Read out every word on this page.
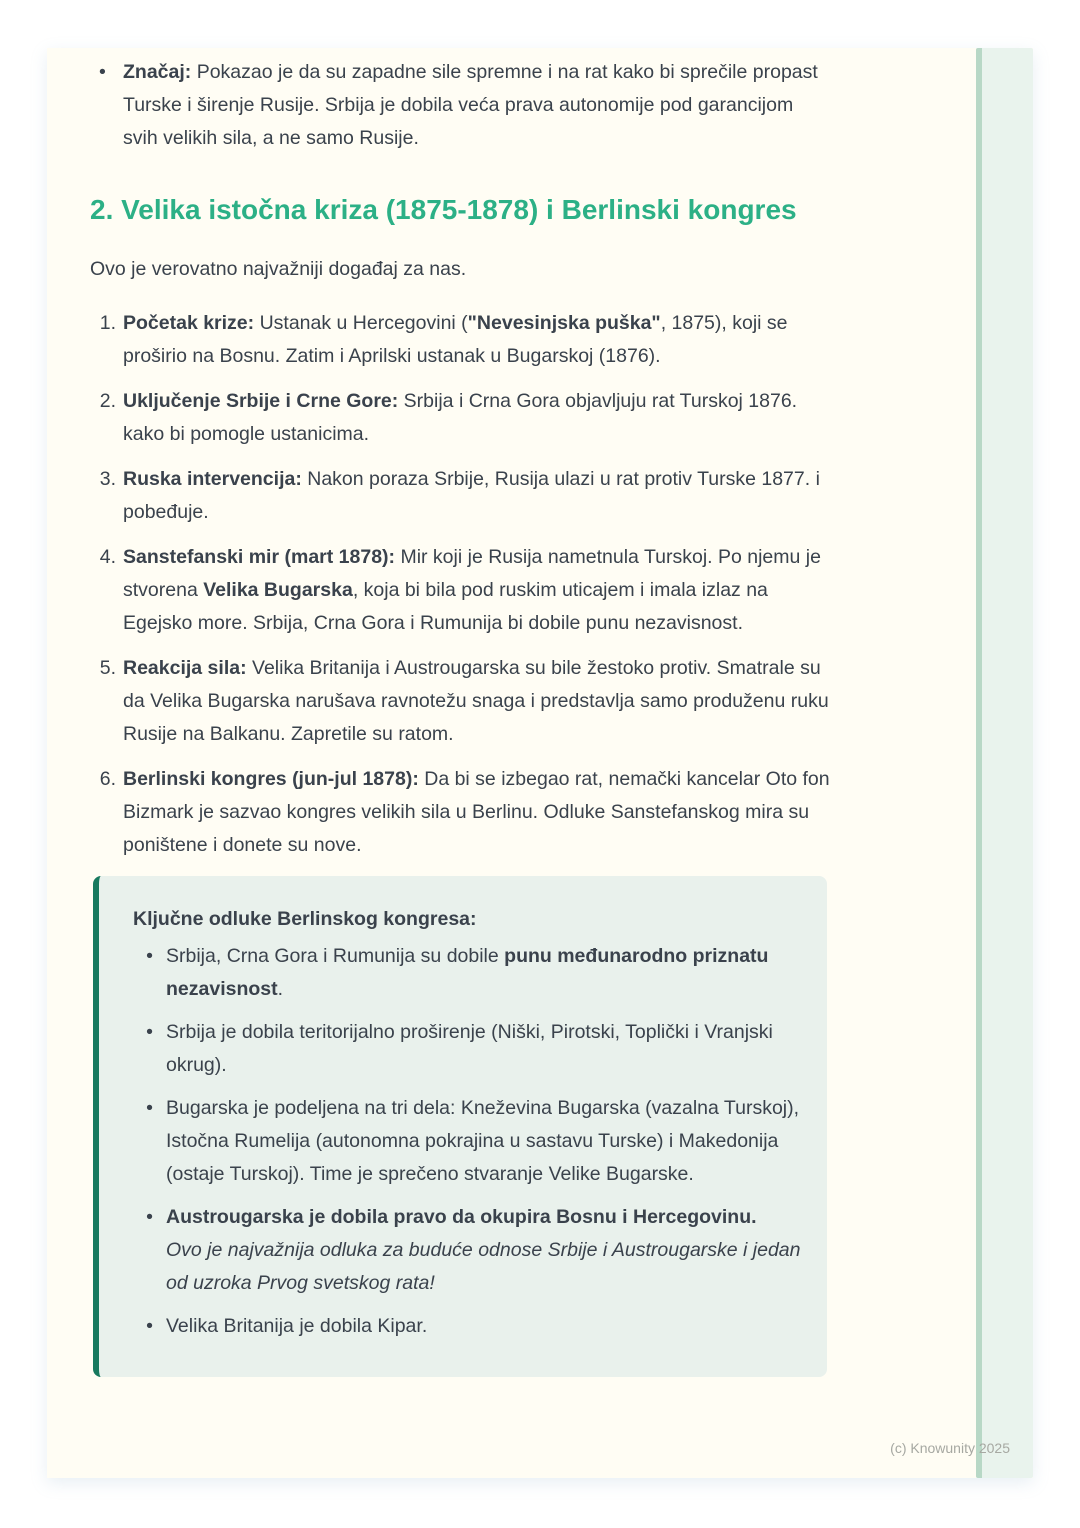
• Značaj: Pokazao je da su zapadne sile spremne i na rat kako bi sprečile propast Turske i širenje Rusije. Srbija je dobila veća prava autonomije pod garancijom svih velikih sila, a ne samo Rusije.
2. Velika istočna kriza (1875-1878) i Berlinski kongres

Ovo je verovatno najvažniji događaj za nas.

1. Početak krize: Ustanak u Hercegovini ("Nevesinjska puška", 1875), koji se proširio na Bosnu. Zatim i Aprilski ustanak u Bugarskoj (1876).
2. Uključenje Srbije i Crne Gore: Srbija i Crna Gora objavljuju rat Turskoj 1876. kako bi pomogle ustanicima.
3. Ruska intervencija: Nakon poraza Srbije, Rusija ulazi u rat protiv Turske 1877. i pobeđuje.
4. Sanstefanski mir (mart 1878): Mir koji je Rusija nametnula Turskoj. Po njemu je stvorena Velika Bugarska, koja bi bila pod ruskim uticajem i imala izlaz na Egejsko more. Srbija, Crna Gora i Rumunija bi dobile punu nezavisnost.
5. Reakcija sila: Velika Britanija i Austrougarska su bile žestoko protiv. Smatrale su da Velika Bugarska narušava ravnotežu snaga i predstavlja samo produženu ruku Rusije na Balkanu. Zapretile su ratom.
6. Berlinski kongres (jun-jul 1878): Da bi se izbegao rat, nemački kancelar Oto fon Bizmark je sazvao kongres velikih sila u Berlinu. Odluke Sanstefanskog mira su poništene i donete su nove.

Ključne odluke Berlinskog kongresa:

• Srbija, Crna Gora i Rumunija su dobile punu međunarodno priznatu nezavisnost.
• Srbija je dobila teritorijalno proširenje (Niški, Pirotski, Toplički i Vranjski okrug).
• Bugarska je podeljena na tri dela: Kneževina Bugarska (vazalna Turskoj), Istočna Rumelija (autonomna pokrajina u sastavu Turske) i Makedonija (ostaje Turskoj). Time je sprečeno stvaranje Velike Bugarske.
• Austrougarska je dobila pravo da okupira Bosnu i Hercegovinu.
Ovo je najvažnija odluka za buduće odnose Srbije i Austrougarske i jedan od uzroka Prvog svetskog rata!
• Velika Britanija je dobila Kipar.
(c) Knowunity 2025
